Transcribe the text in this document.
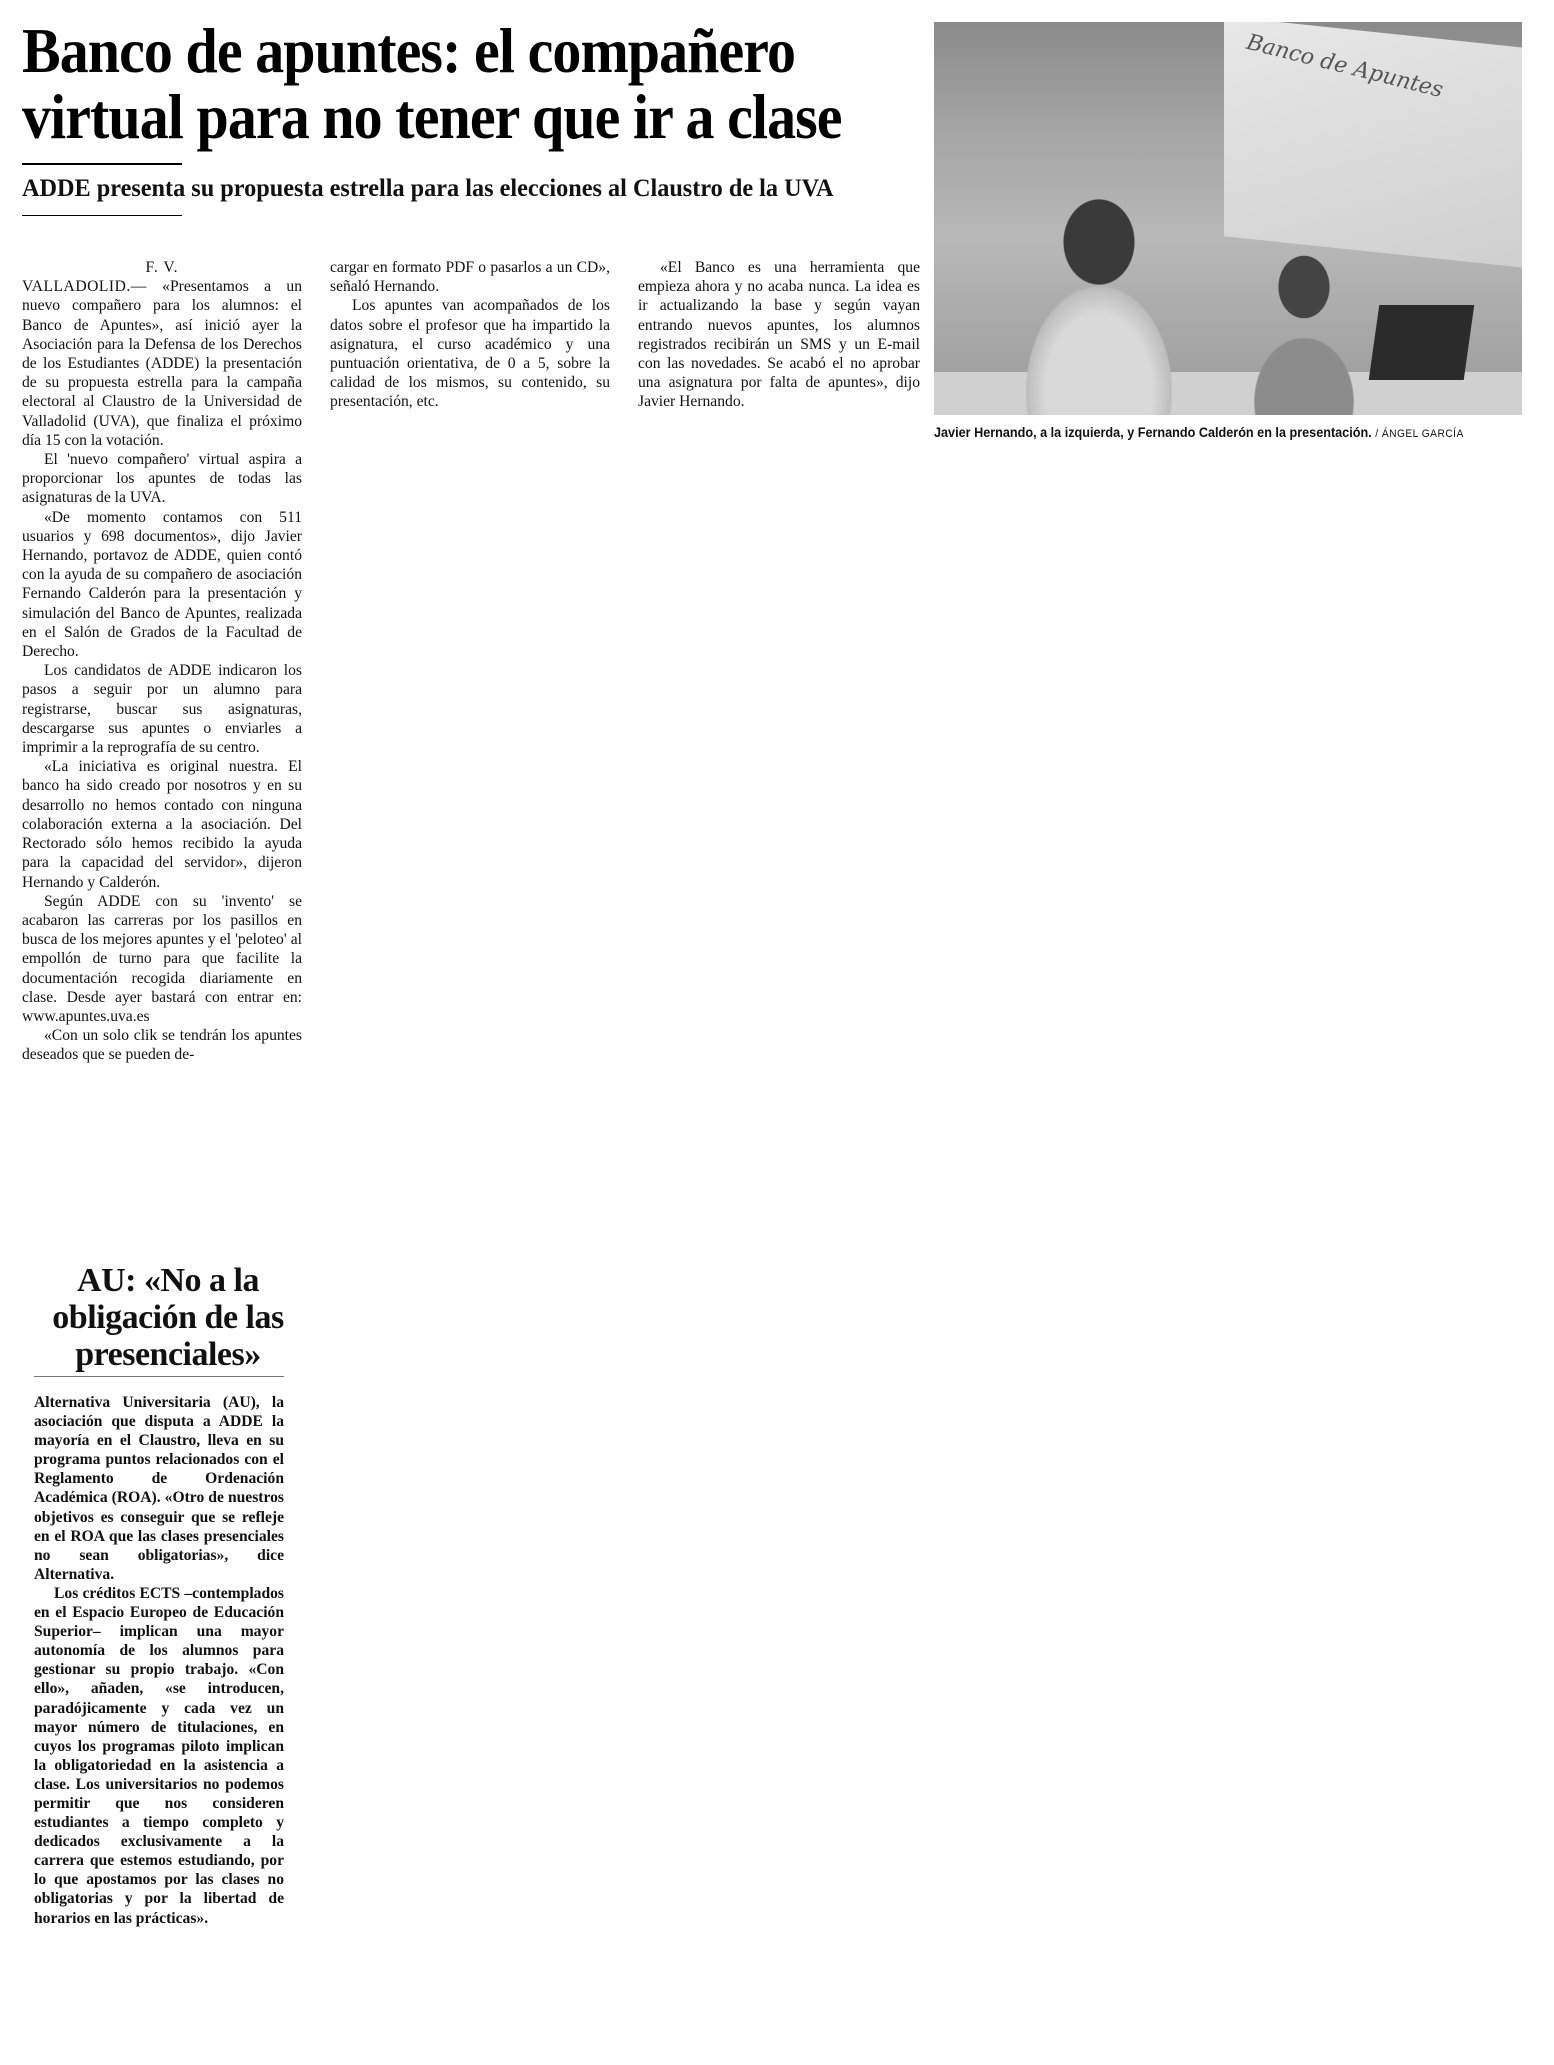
Banco de apuntes: el compañero virtual para no tener que ir a clase
ADDE presenta su propuesta estrella para las elecciones al Claustro de la UVA

F. V.

VALLADOLID.— «Presentamos a un nuevo compañero para los alumnos: el Banco de Apuntes», así inició ayer la Asociación para la Defensa de los Derechos de los Estudiantes (ADDE) la presentación de su propuesta estrella para la campaña electoral al Claustro de la Universidad de Valladolid (UVA), que finaliza el próximo día 15 con la votación.

El 'nuevo compañero' virtual aspira a proporcionar los apuntes de todas las asignaturas de la UVA.

«De momento contamos con 511 usuarios y 698 documentos», dijo Javier Hernando, portavoz de ADDE, quien contó con la ayuda de su compañero de asociación Fernando Calderón para la presentación y simulación del Banco de Apuntes, realizada en el Salón de Grados de la Facultad de Derecho.

Los candidatos de ADDE indicaron los pasos a seguir por un alumno para registrarse, buscar sus asignaturas, descargarse sus apuntes o enviarles a imprimir a la reprografía de su centro.

«La iniciativa es original nuestra. El banco ha sido creado por nosotros y en su desarrollo no hemos contado con ninguna colaboración externa a la asociación. Del Rectorado sólo hemos recibido la ayuda para la capacidad del servidor», dijeron Hernando y Calderón.

Según ADDE con su 'invento' se acabaron las carreras por los pasillos en busca de los mejores apuntes y el 'peloteo' al empollón de turno para que facilite la documentación recogida diariamente en clase. Desde ayer bastará con entrar en: www.apuntes.uva.es

«Con un solo clik se tendrán los apuntes deseados que se pueden de-

cargar en formato PDF o pasarlos a un CD», señaló Hernando.

Los apuntes van acompañados de los datos sobre el profesor que ha impartido la asignatura, el curso académico y una puntuación orientativa, de 0 a 5, sobre la calidad de los mismos, su contenido, su presentación, etc.

«El Banco es una herramienta que empieza ahora y no acaba nunca. La idea es ir actualizando la base y según vayan entrando nuevos apuntes, los alumnos registrados recibirán un SMS y un E-mail con las novedades. Se acabó el no aprobar una asignatura por falta de apuntes», dijo Javier Hernando.

Banco de Apuntes
Javier Hernando, a la izquierda, y Fernando Calderón en la presentación. / ÁNGEL GARCÍA
AU: «No a la obligación de las presenciales»

Alternativa Universitaria (AU), la asociación que disputa a ADDE la mayoría en el Claustro, lleva en su programa puntos relacionados con el Reglamento de Ordenación Académica (ROA). «Otro de nuestros objetivos es conseguir que se refleje en el ROA que las clases presenciales no sean obligatorias», dice Alternativa.

Los créditos ECTS –contemplados en el Espacio Europeo de Educación Superior– implican una mayor autonomía de los alumnos para gestionar su propio trabajo. «Con ello», añaden, «se introducen, paradójicamente y cada vez un mayor número de titulaciones, en cuyos los programas piloto implican la obligatoriedad en la asistencia a clase. Los universitarios no podemos permitir que nos consideren estudiantes a tiempo completo y dedicados exclusivamente a la carrera que estemos estudiando, por lo que apostamos por las clases no obligatorias y por la libertad de horarios en las prácticas».
